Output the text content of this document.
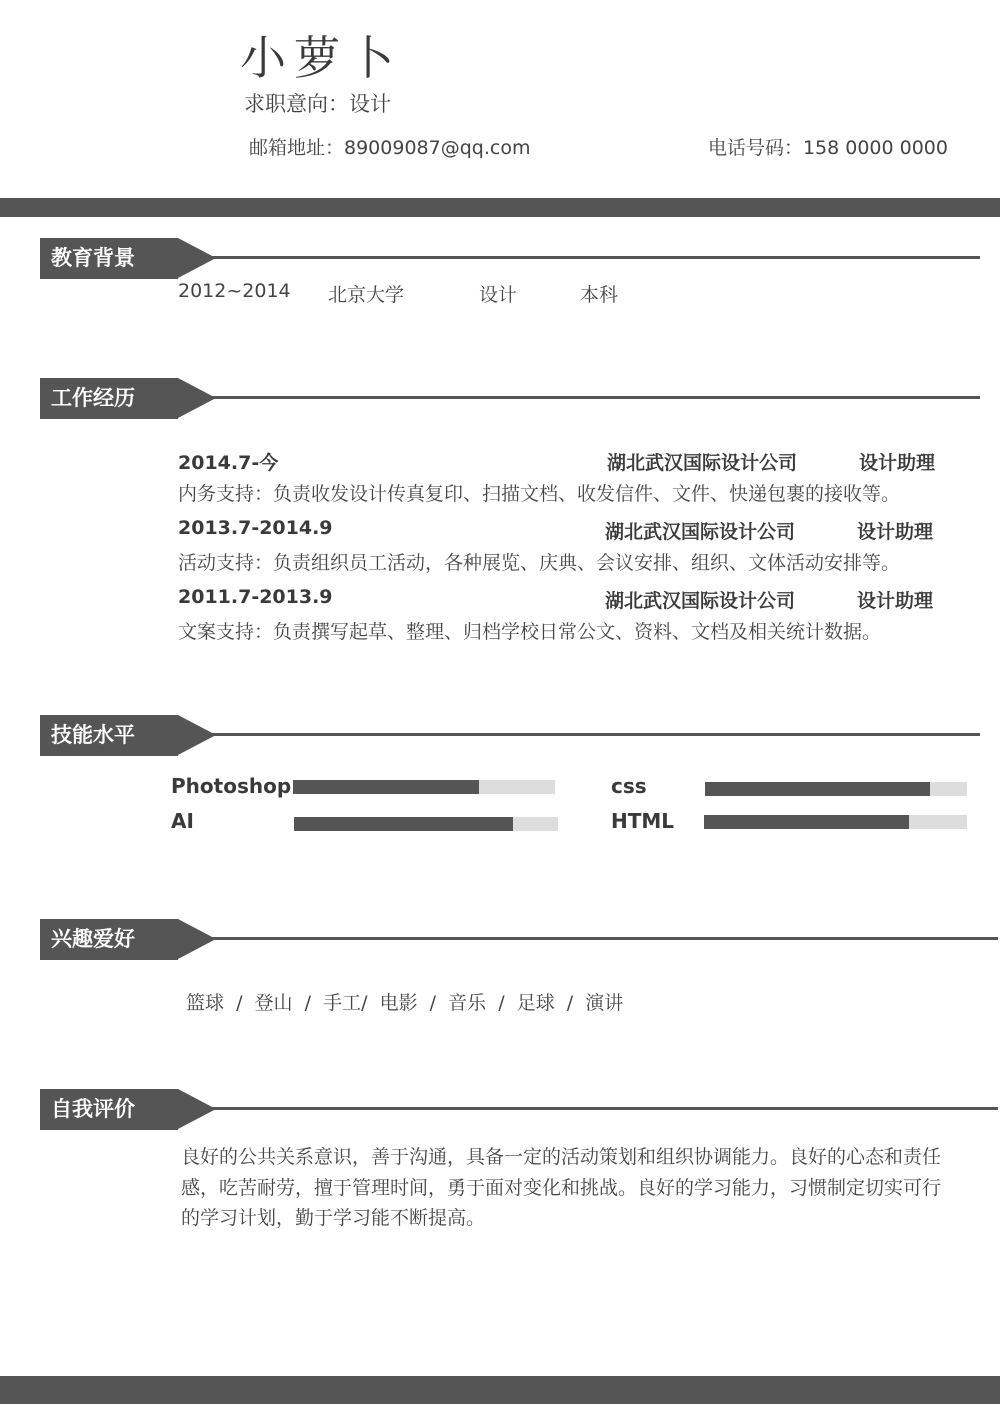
小萝卜
求职意向：设计
邮箱地址：89009087@qq.com	电话号码：158 0000 0000
教育背景
2012~2014 北京大学	设计	本科
工作经历
2014.7-今	湖北武汉国际设计公司	设计助理
内务支持：负责收发设计传真复印、扫描文档、收发信件、文件、快递包裹的接收等。
2013.7-2014.9	湖北武汉国际设计公司	设计助理
活动支持：负责组织员工活动，各种展览、庆典、会议安排、组织、文体活动安排等。
2011.7-2013.9	湖北武汉国际设计公司	设计助理
文案支持：负责撰写起草、整理、归档学校日常公文、资料、文档及相关统计数据。
技能水平
Photoshop	css
AI	HTML
兴趣爱好
篮球  /  登山  /  手工/  电影  /  音乐  /  足球  /  演讲
自我评价
良好的公共关系意识，善于沟通，具备一定的活动策划和组织协调能力。良好的心态和责任感，吃苦耐劳，擅于管理时间，勇于面对变化和挑战。良好的学习能力，习惯制定切实可行的学习计划，勤于学习能不断提高。
